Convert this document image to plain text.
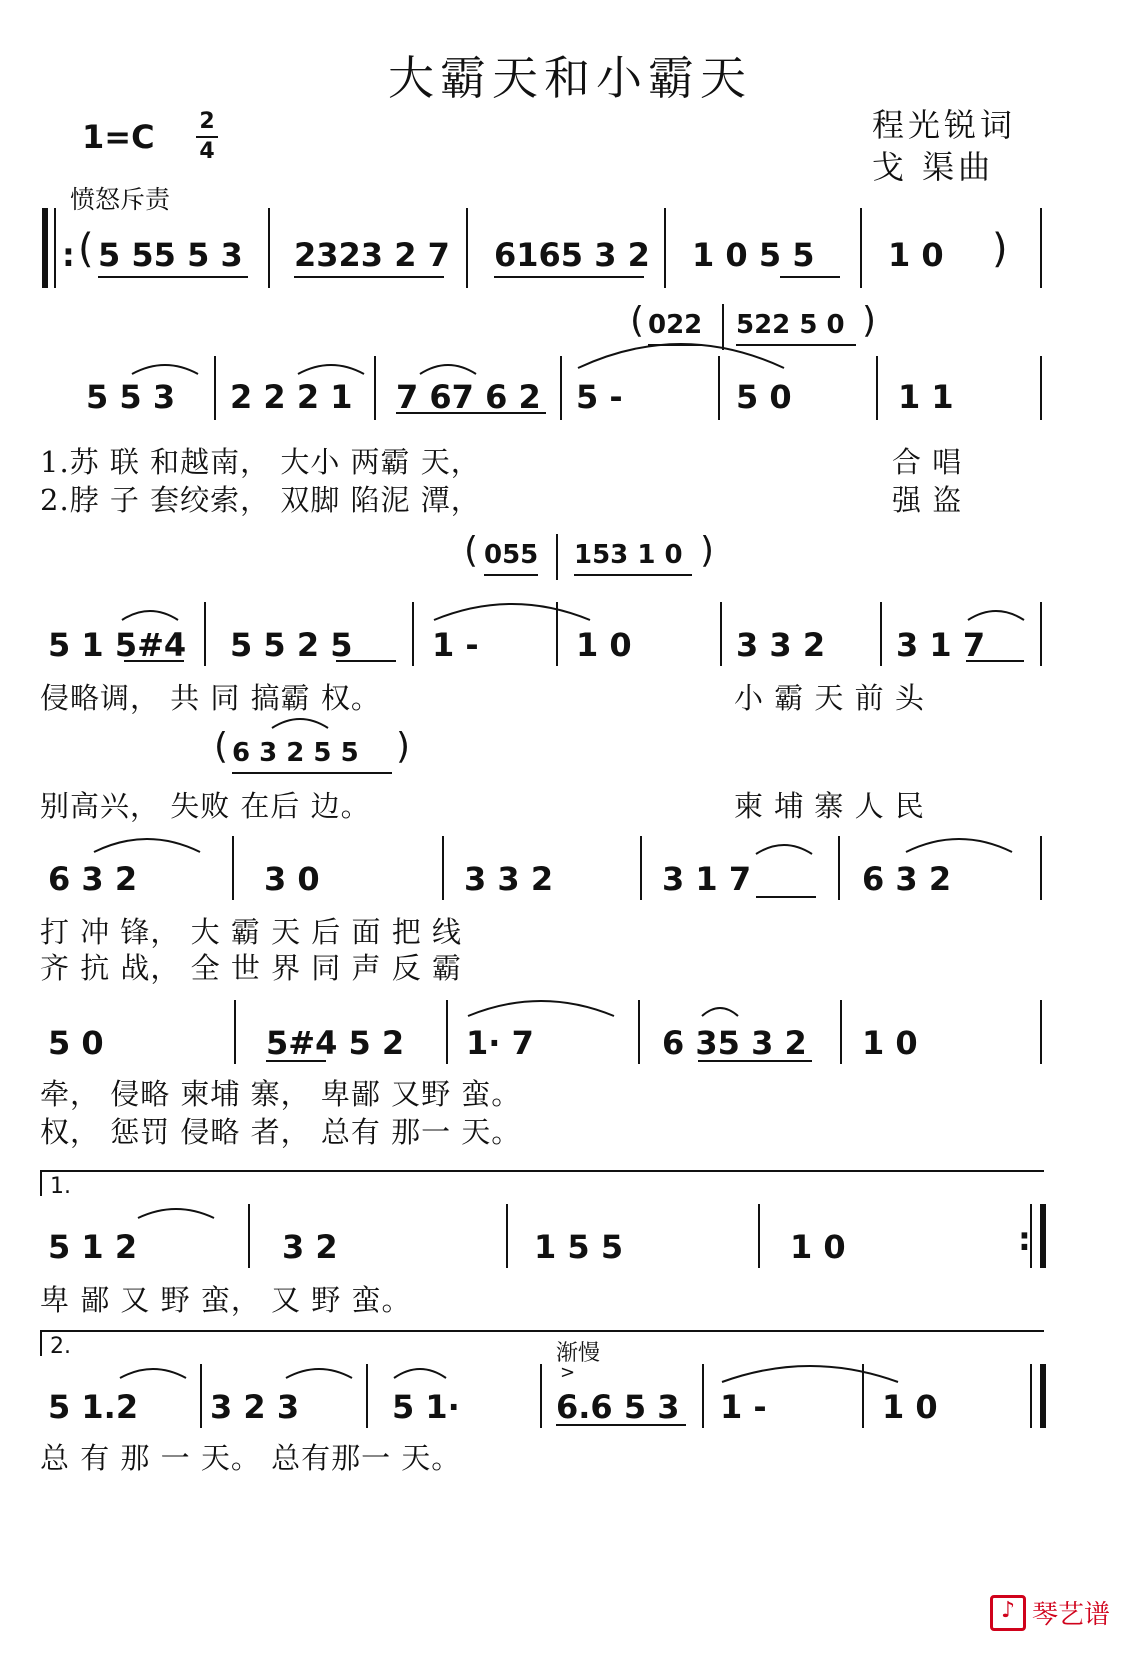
大霸天和小霸天
1=C 2
4
程光锐词
戈 渠曲
愤怒斥责
: ( 5 55 5 3 2323 2 7 6165 3 2 1 0 5 5 1 0 )
( 022 522 5 0 )
5 5 3 2 2 2 1 7 67 6 2 5 -	5 0	1 1
1.苏 联 和越南， 大小 两霸 天，	合 唱
2.脖 子 套绞索， 双脚 陷泥 潭，	强 盗
( 055 153 1 0 )
5 1 5#4 5 5 2 5 1 -	1 0	3 3 2 3 1 7
侵略调， 共 同 搞霸 权。	小 霸 天 前 头
( 6 3 2 5 5 )
别高兴， 失败 在后 边。	柬 埔 寨 人 民
6 3 2	3 0	3 3 2	3 1 7	6 3 2
打 冲 锋， 大 霸 天 后 面 把 线
齐 抗 战， 全 世 界 同 声 反 霸
5 0	5#4 5 2 1· 7	6 35 3 2 1 0
牵， 侵略 柬埔 寨， 卑鄙 又野 蛮。
权， 惩罚 侵略 者， 总有 那一 天。
1.
5 1 2	3 2	1 5 5	1 0	:
卑 鄙 又 野 蛮， 又 野 蛮。
2.	渐慢
>
5 1.2 3 2 3	5 1·	6.6 5 3 1 -	1 0
总 有 那 一 天。 总有那一 天。
♪ 琴艺谱
